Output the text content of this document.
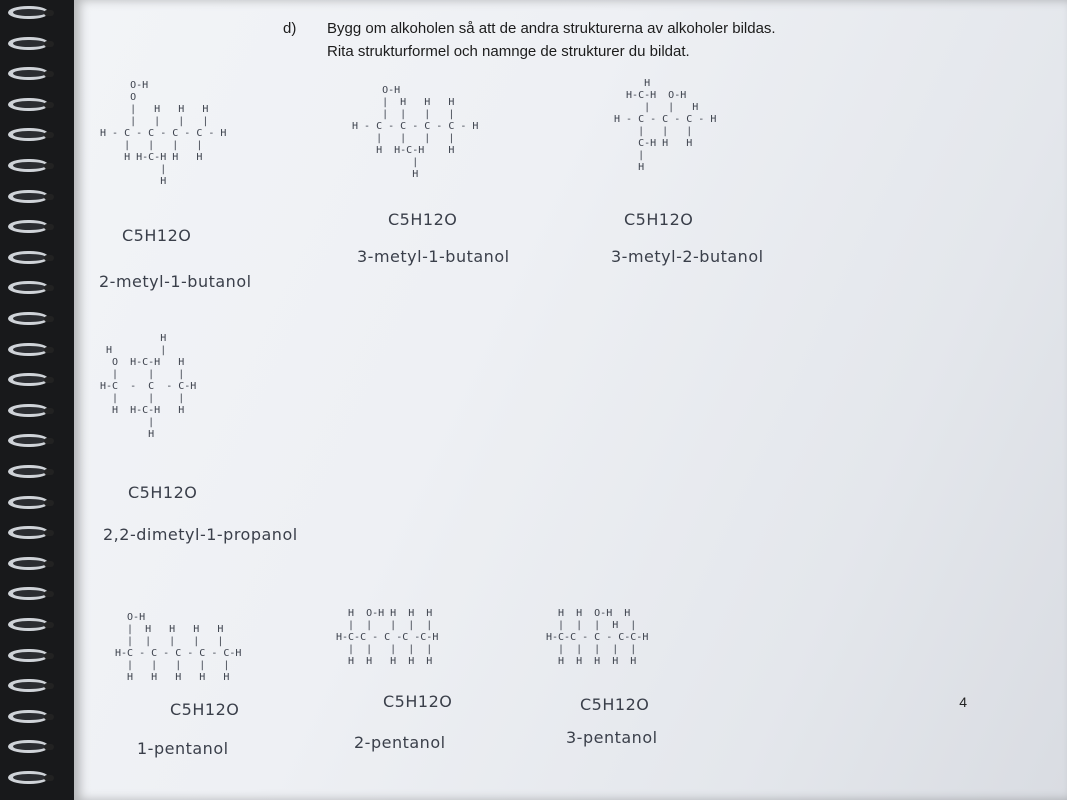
d) Bygg om alkoholen så att de andra strukturerna av alkoholer bildas.
Rita strukturformel och namnge de strukturer du bildat.
O-H
O
|   H   H   H
|   |   |   |
H - C - C - C - C - H
|   |   |   |
H H-C-H H   H
|
H
C5H12O
2-metyl-1-butanol
O-H
|  H   H   H
|  |   |   |
H - C - C - C - C - H
|   |   |   |
H  H-C-H    H
|
H
C5H12O
3-metyl-1-butanol
H
H-C-H  O-H
|   |   H
H - C - C - C - H
|   |   |
C-H H   H
|
H
C5H12O
3-metyl-2-butanol
H
H        |
O  H-C-H   H
|     |    |
H-C  -  C  - C-H
|     |    |
H  H-C-H   H
|
H
C5H12O
2,2-dimetyl-1-propanol
O-H
|  H   H   H   H
|  |   |   |   |
H-C - C - C - C - C-H
|   |   |   |   |
H   H   H   H   H
C5H12O
1-pentanol
H  O-H H  H  H
|  |   |  |  |
H-C-C - C -C -C-H
|  |   |  |  |
H  H   H  H  H
C5H12O
2-pentanol
H  H  O-H  H
|  |  |  H  |
H-C-C - C - C-C-H
|  |  |  |  |
H  H  H  H  H
C5H12O
3-pentanol
4
